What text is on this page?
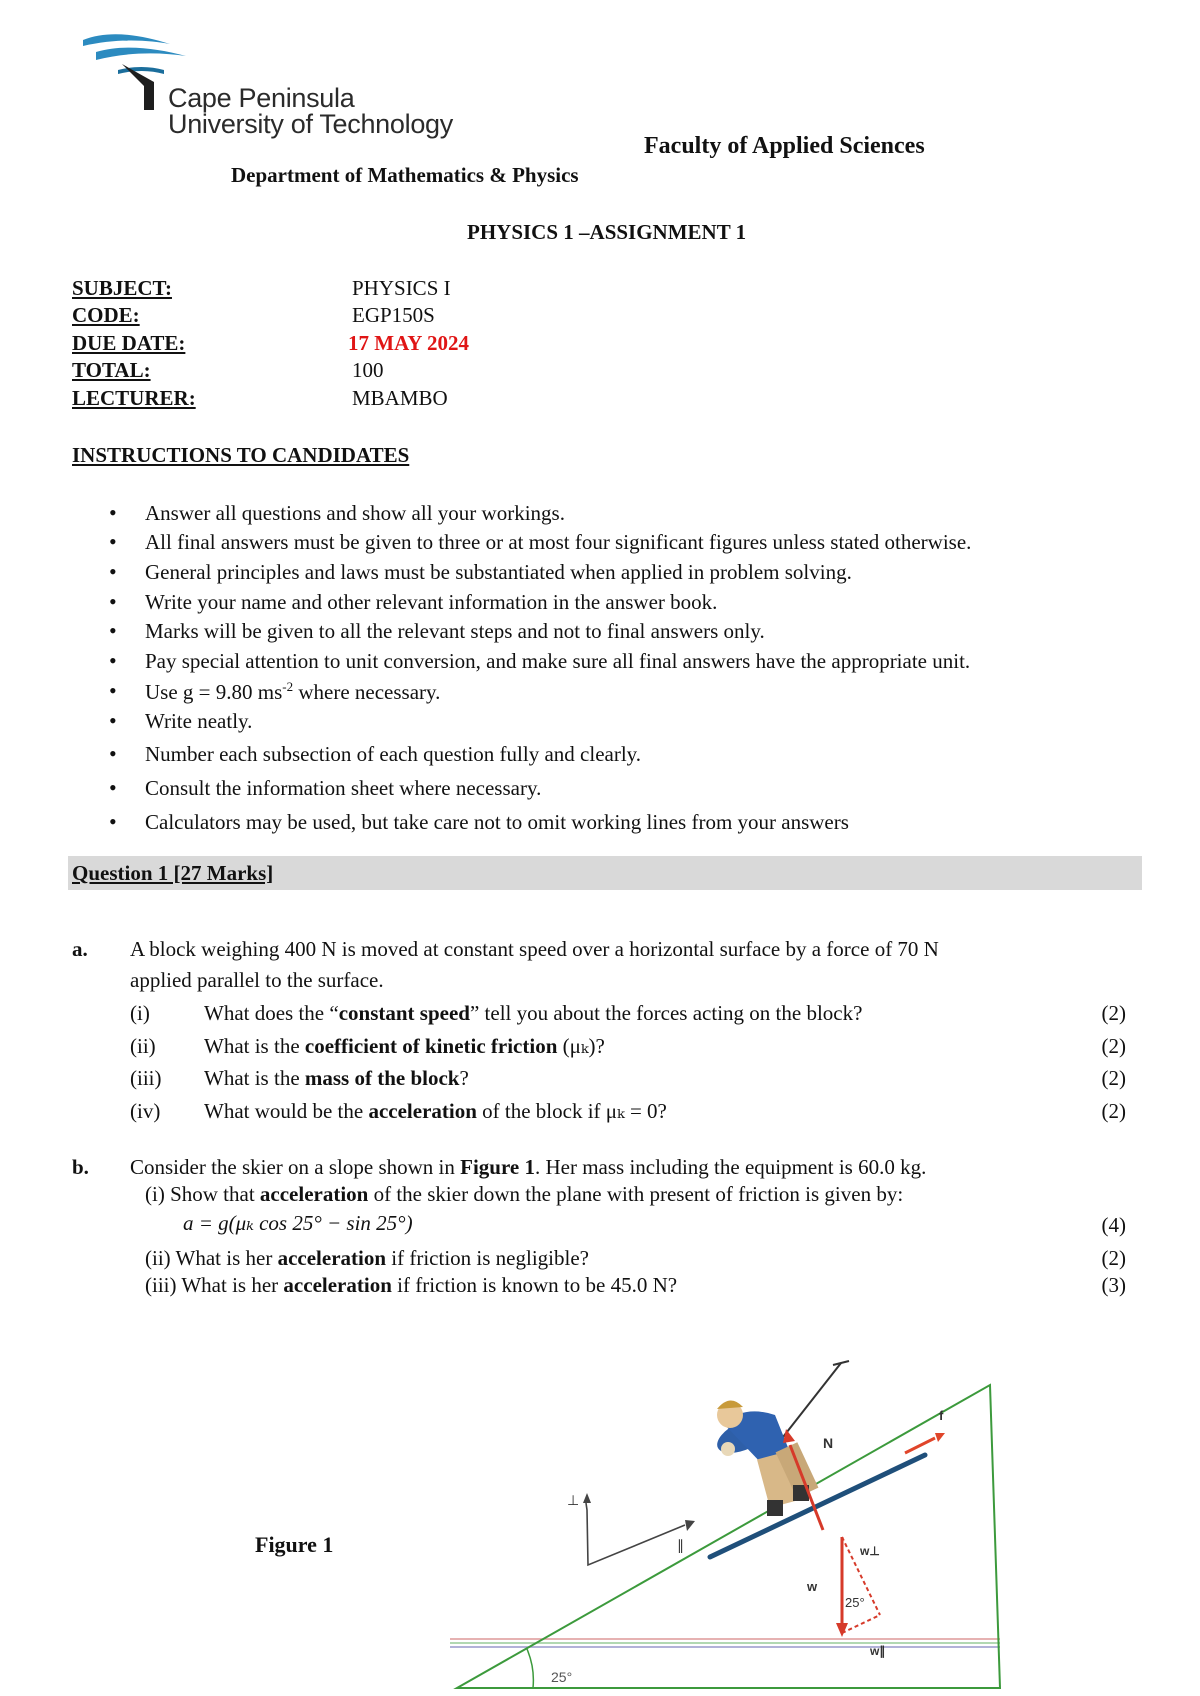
Cape Peninsula
University of Technology
Faculty of Applied Sciences
Department of Mathematics & Physics
PHYSICS 1 –ASSIGNMENT 1
SUBJECT:	PHYSICS I
CODE:	EGP150S
DUE DATE:	17 MAY 2024
TOTAL:	100
LECTURER:	MBAMBO
INSTRUCTIONS TO CANDIDATES
• Answer all questions and show all your workings.
• All final answers must be given to three or at most four significant figures unless stated otherwise.
• General principles and laws must be substantiated when applied in problem solving.
• Write your name and other relevant information in the answer book.
• Marks will be given to all the relevant steps and not to final answers only.
• Pay special attention to unit conversion, and make sure all final answers have the appropriate unit.
• Use g = 9.80 $ms^{-2}$ where necessary.
• Write neatly.
• Number each subsection of each question fully and clearly.
• Consult the information sheet where necessary.
• Calculators may be used, but take care not to omit working lines from your answers
Question 1 [27 Marks]
a. A block weighing 400 N is moved at constant speed over a horizontal surface by a force of 70 N
applied parallel to the surface.
(i)	What does the “constant speed” tell you about the forces acting on the block?	(2)
(ii) What is the coefficient of kinetic friction (μₖ)?	(2)
(iii) What is the mass of the block?	(2)
(iv) What would be the acceleration of the block if μₖ = 0?	(2)
b. Consider the skier on a slope shown in Figure 1. Her mass including the equipment is 60.0 kg.
(i) Show that acceleration of the skier down the plane with present of friction is given by:
a = g(μₖ cos 25° − sin 25°)	(4)
(ii) What is her acceleration if friction is negligible?	(2)
(iii) What is her acceleration if friction is known to be 45.0 N?	(3)
Figure 1
25°
⊥
∥
N
f
w
w⊥
w∥
25°
